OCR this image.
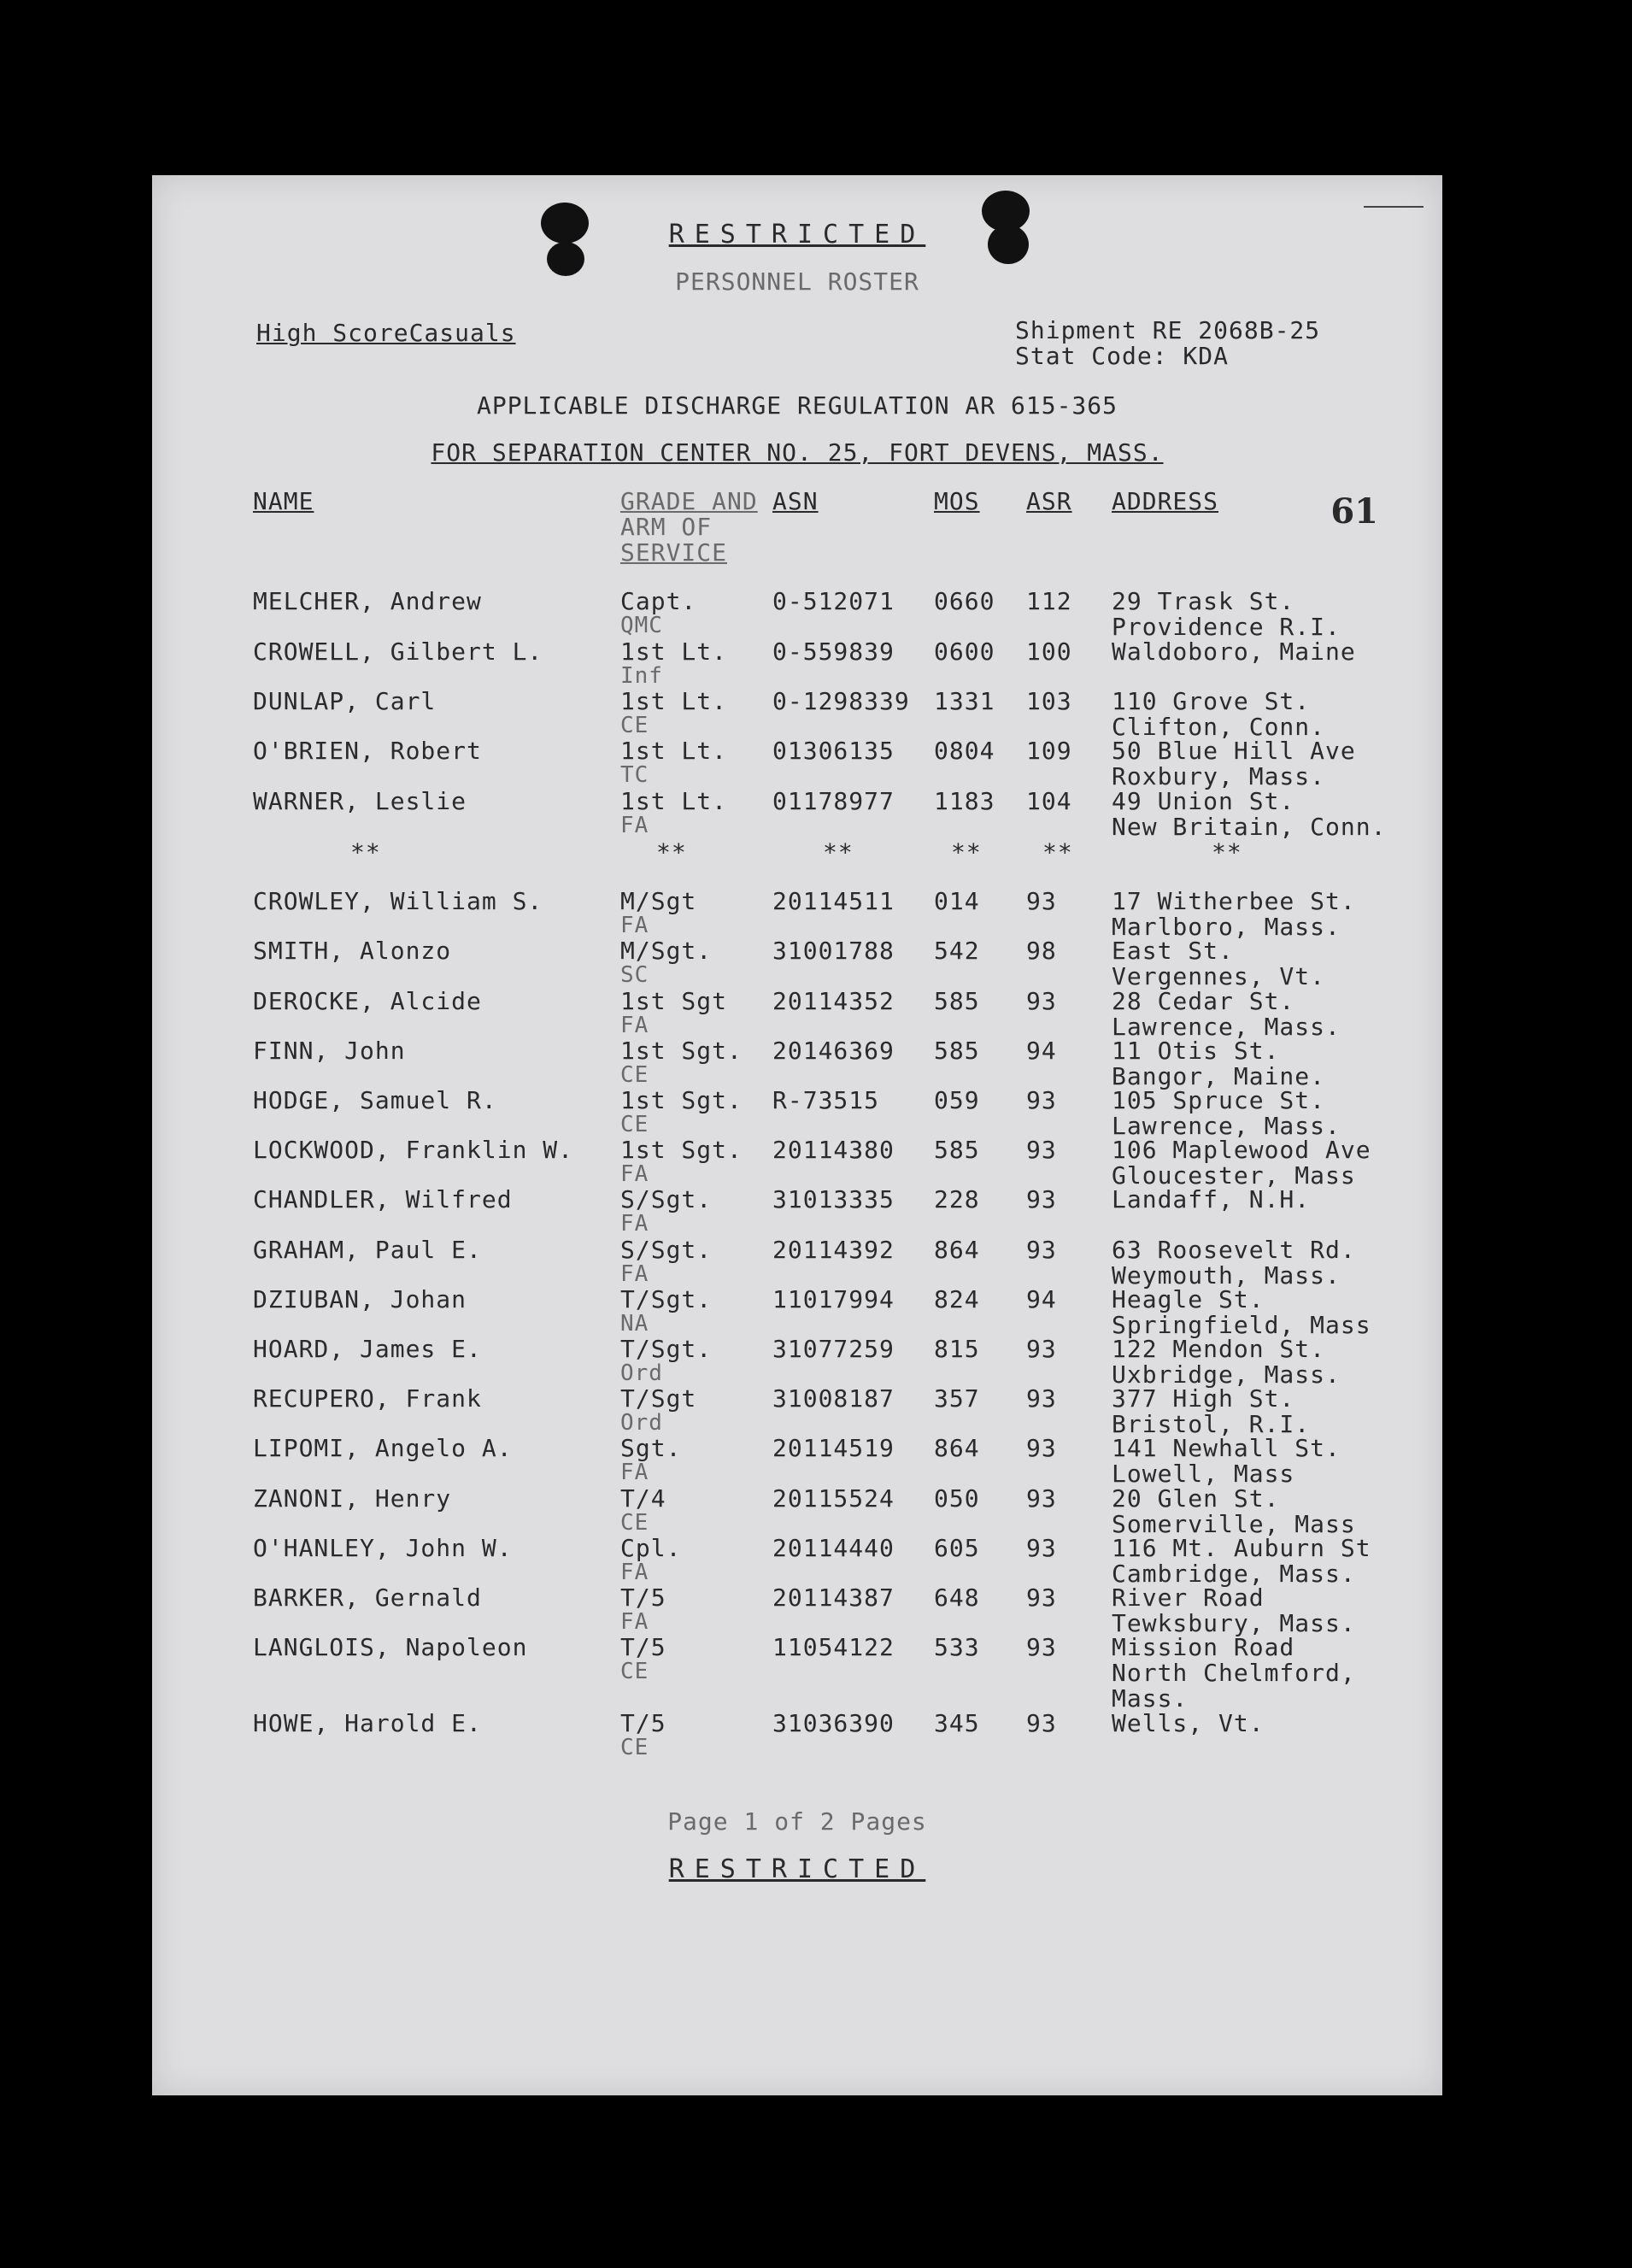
RESTRICTED
PERSONNEL ROSTER
High ScoreCasuals	Shipment RE 2068B-25
Stat Code: KDA
APPLICABLE DISCHARGE REGULATION AR 615-365
FOR SEPARATION CENTER NO. 25, FORT DEVENS, MASS.
61
NAME	GRADE AND
ARM OF
SERVICE
ASN	MOS	ASR	ADDRESS
MELCHER, Andrew	Capt.	0-512071	0660 112	29 Trask St.
QMC	Providence R.I.
CROWELL, Gilbert L.	1st Lt.	0-559839	0600 100	Waldoboro, Maine
Inf
DUNLAP, Carl	1st Lt.	0-1298339	1331 103	110 Grove St.
CE	Clifton, Conn.
O'BRIEN, Robert	1st Lt.	01306135	0804 109	50 Blue Hill Ave
TC	Roxbury, Mass.
WARNER, Leslie	1st Lt.	01178977	1183 104	49 Union St.
FA	New Britain, Conn.
CROWLEY, William S.	M/Sgt	20114511	014	93	17 Witherbee St.
FA	Marlboro, Mass.
SMITH, Alonzo	M/Sgt.	31001788	542	98	East St.
SC	Vergennes, Vt.
DEROCKE, Alcide	1st Sgt	20114352	585	93	28 Cedar St.
FA	Lawrence, Mass.
FINN, John	1st Sgt.	20146369	585	94	11 Otis St.
CE	Bangor, Maine.
HODGE, Samuel R.	1st Sgt.	R-73515	059	93	105 Spruce St.
CE	Lawrence, Mass.
LOCKWOOD, Franklin W.	1st Sgt.	20114380	585	93	106 Maplewood Ave
FA	Gloucester, Mass
CHANDLER, Wilfred	S/Sgt.	31013335	228	93	Landaff, N.H.
FA
GRAHAM, Paul E.	S/Sgt.	20114392	864	93	63 Roosevelt Rd.
FA	Weymouth, Mass.
DZIUBAN, Johan	T/Sgt.	11017994	824	94	Heagle St.
NA	Springfield, Mass
HOARD, James E.	T/Sgt.	31077259	815	93	122 Mendon St.
Ord	Uxbridge, Mass.
RECUPERO, Frank	T/Sgt	31008187	357	93	377 High St.
Ord	Bristol, R.I.
LIPOMI, Angelo A.	Sgt.	20114519	864	93	141 Newhall St.
FA	Lowell, Mass
ZANONI, Henry	T/4	20115524	050	93	20 Glen St.
CE	Somerville, Mass
O'HANLEY, John W.	Cpl.	20114440	605	93	116 Mt. Auburn St
FA	Cambridge, Mass.
BARKER, Gernald	T/5	20114387	648	93	River Road
FA	Tewksbury, Mass.
LANGLOIS, Napoleon	T/5	11054122	533	93	Mission Road
CE	North Chelmford,
Mass.
HOWE, Harold E.	T/5	31036390	345	93	Wells, Vt.
CE
**	**	**	**	**	**
Page 1 of 2 Pages
RESTRICTED
